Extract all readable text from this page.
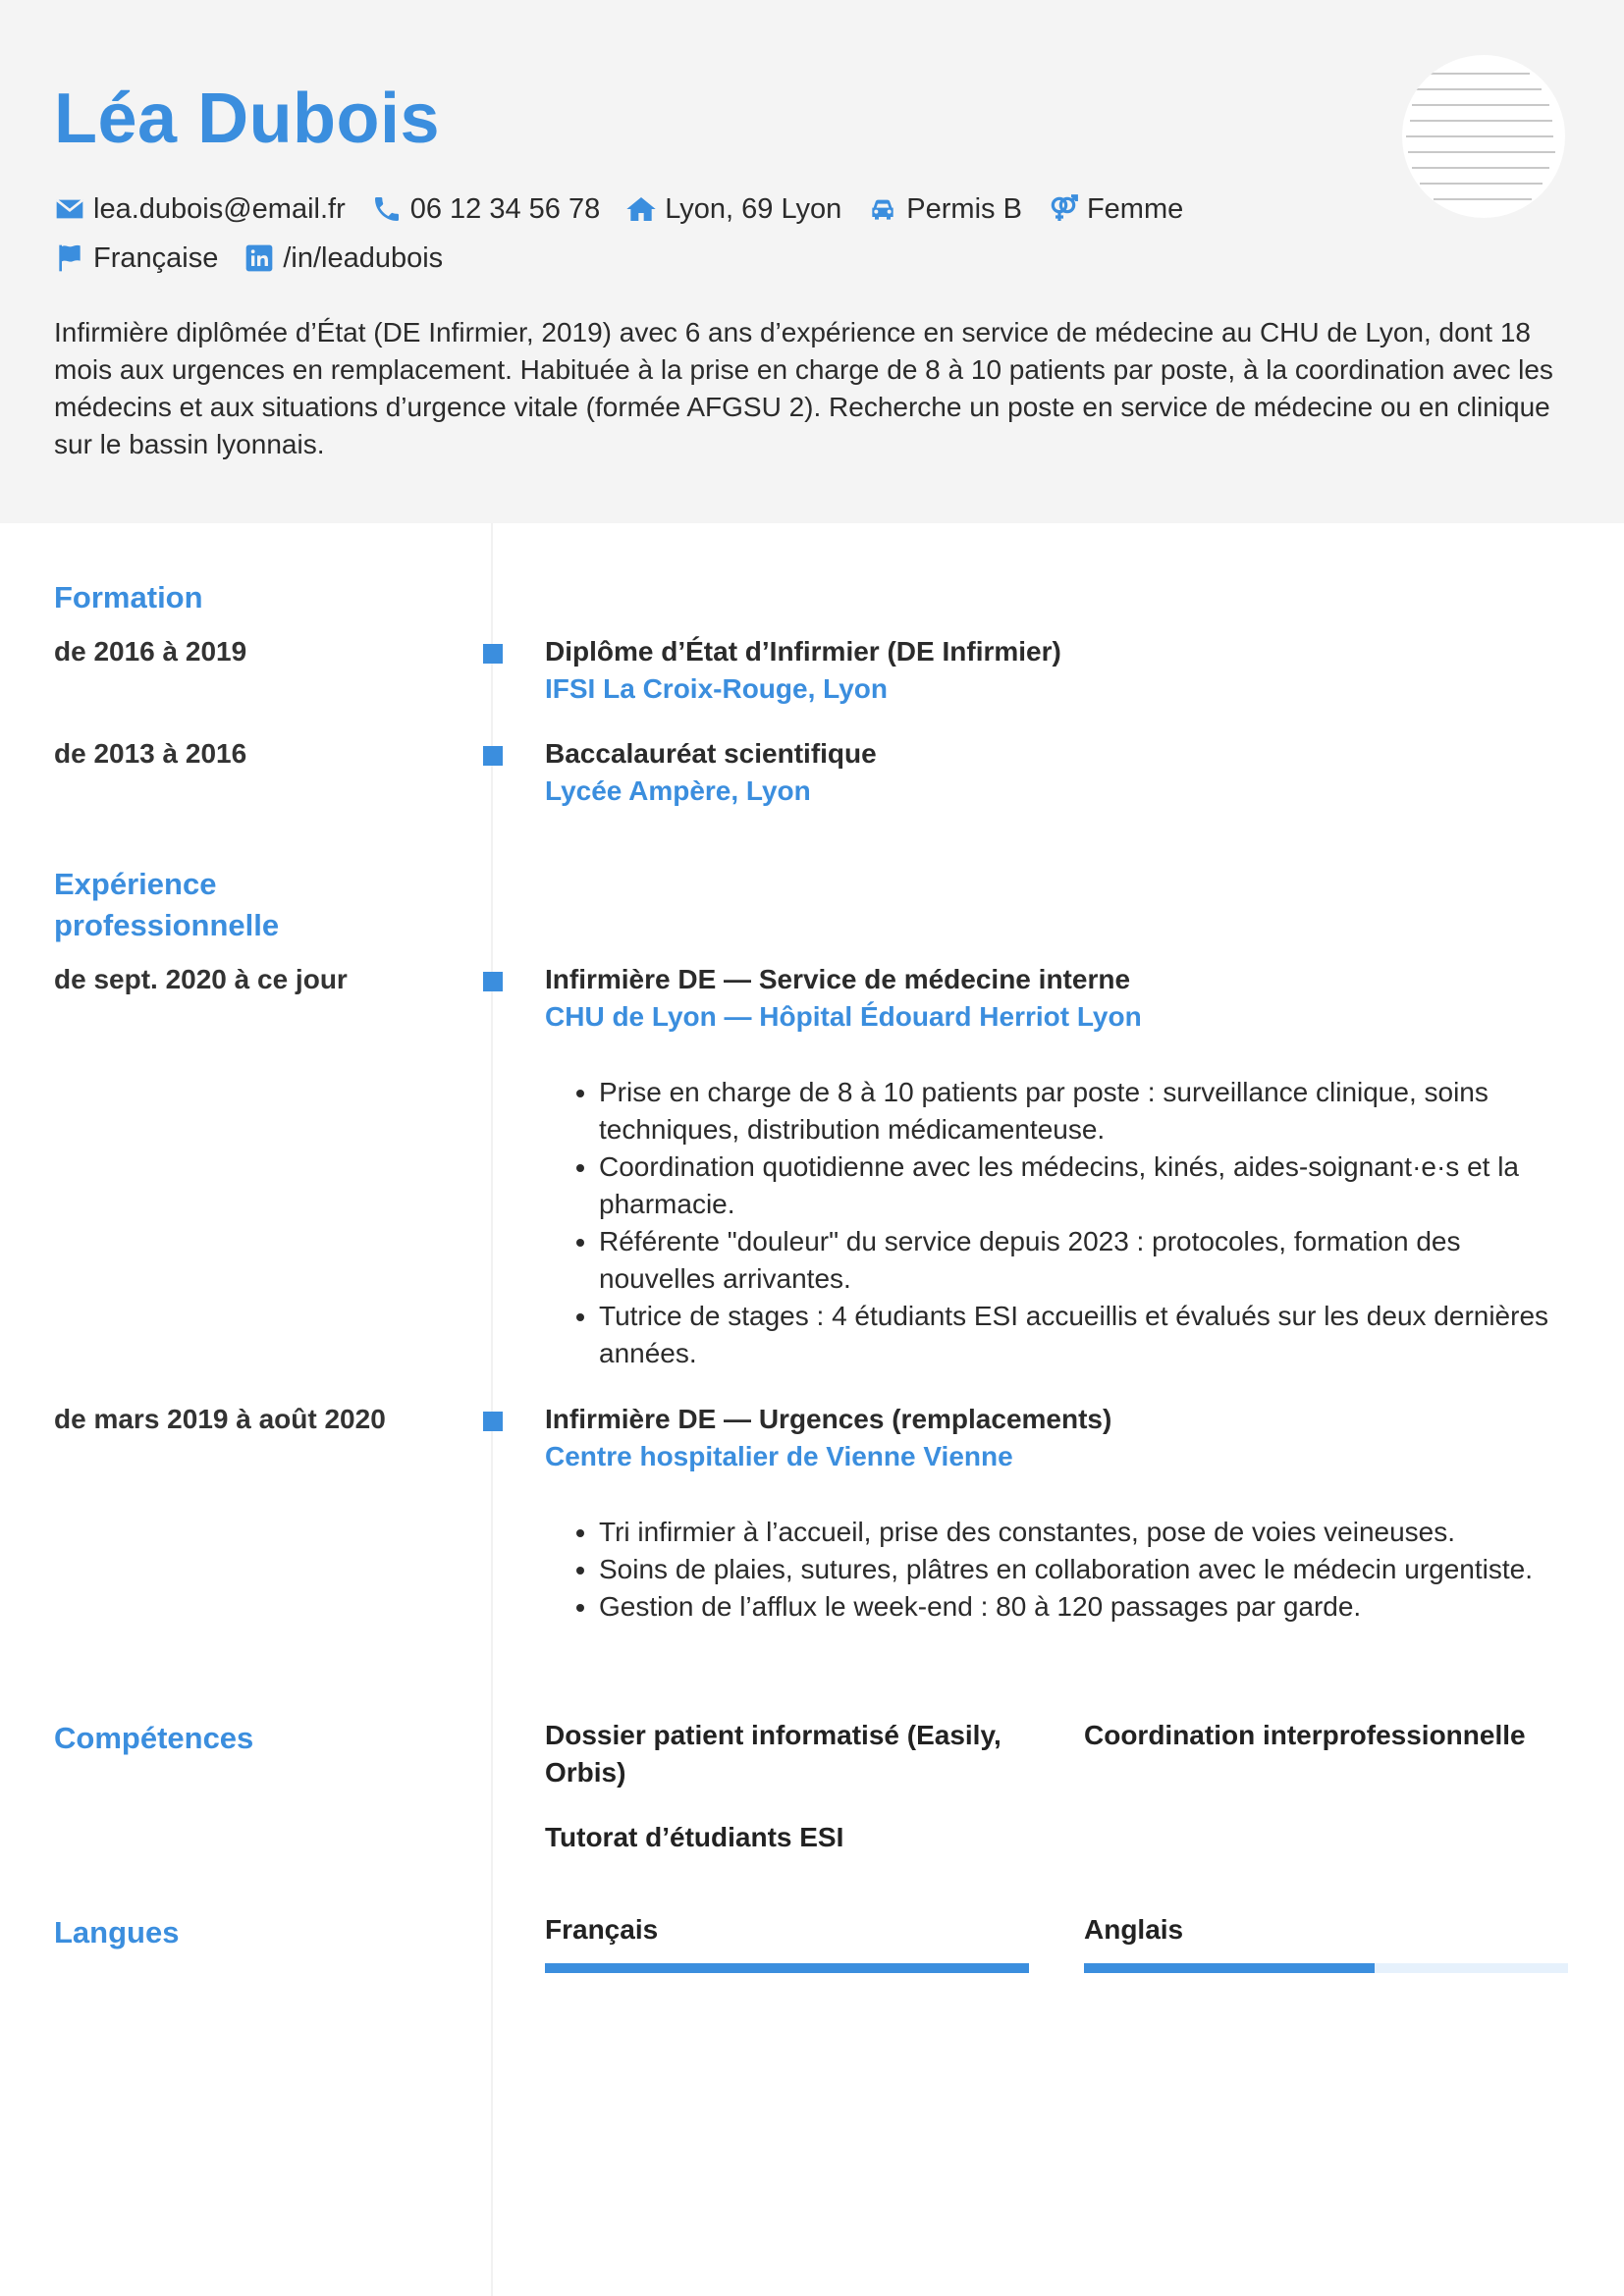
Léa Dubois
lea.dubois@email.fr 06 12 34 56 78 Lyon, 69 Lyon Permis B Femme
Française /in/leadubois
Infirmière diplômée d’État (DE Infirmier, 2019) avec 6 ans d’expérience en service de médecine au CHU de Lyon, dont 18 mois aux urgences en remplacement. Habituée à la prise en charge de 8 à 10 patients par poste, à la coordination avec les médecins et aux situations d’urgence vitale (formée AFGSU 2). Recherche un poste en service de médecine ou en clinique sur le bassin lyonnais.
Formation
de 2016 à 2019	Diplôme d’État d’Infirmier (DE Infirmier)
IFSI La Croix-Rouge, Lyon
de 2013 à 2016	Baccalauréat scientifique
Lycée Ampère, Lyon
Expérience
professionnelle
de sept. 2020 à ce jour	Infirmière DE — Service de médecine interne
CHU de Lyon — Hôpital Édouard Herriot Lyon
• Prise en charge de 8 à 10 patients par poste : surveillance clinique, soins techniques, distribution médicamenteuse.
• Coordination quotidienne avec les médecins, kinés, aides-soignant·e·s et la pharmacie.
• Référente "douleur" du service depuis 2023 : protocoles, formation des nouvelles arrivantes.
• Tutrice de stages : 4 étudiants ESI accueillis et évalués sur les deux dernières années.
de mars 2019 à août 2020	Infirmière DE — Urgences (remplacements)
Centre hospitalier de Vienne Vienne
• Tri infirmier à l’accueil, prise des constantes, pose de voies veineuses.
• Soins de plaies, sutures, plâtres en collaboration avec le médecin urgentiste.
• Gestion de l’afflux le week-end : 80 à 120 passages par garde.
Compétences	Dossier patient informatisé (Easily, Orbis)
Coordination interprofessionnelle
Tutorat d’étudiants ESI
Langues	Français	Anglais
